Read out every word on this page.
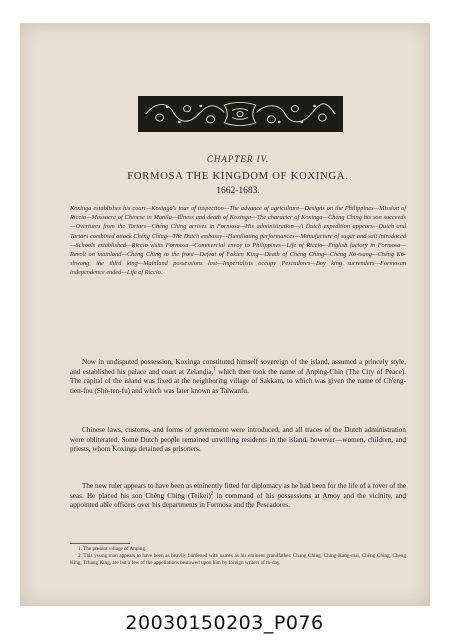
CHAPTER IV.
FORMOSA THE KINGDOM OF KOXINGA.
1662-1683.
Koxinga establishes his court—Koxinga's tour of inspection—The advance of agriculture—Designs on the Philippines—Mission of Riccio—Massacre of Chinese in Manila—Illness and death of Koxinga—The character of Koxinga—Chéng Ching his son succeeds—Overtures from the Tartars—Chéng Ching arrives in Formosa—His administration—A Dutch expedition appears—Dutch and Tartars combined attack Chéng Ching—The Dutch embassy—Humiliating performances—Manufacture of sugar and salt introduced—Schools established—Riccio visits Formosa—Commercial envoy to Philippines—Life of Riccio—English factory in Formosa—Revolt on mainland—Chéng Ching to the front—Defeat of Fokien King—Death of Chéng Ching—Chéng Ko-tsang—Chéng Ko-shwang, the third king—Mainland possessions lost—Imperialists occupy Pescadores—Boy king surrenders—Formosan independence ended—Life of Riccio.

Now in undisputed possession, Koxinga constituted himself sovereign of the island, assumed a princely style, and established his palace and court at Zelandia,$^1$ which then took the name of Anping-Chin (The City of Peace). The capital of the island was fixed at the neighboring village of Sakkam, to which was given the name of Ch'eng-tien-fou (Shö-ten-fu) and which was later known as Taiwanfu.

Chinese laws, customs, and forms of government were introduced, and all traces of the Dutch administration were obliterated. Some Dutch people remained unwilling residents in the island, however—women, children, and priests, whom Koxinga detained as prisoners.

The new ruler appears to have been as eminently fitted for diplomacy as he had been for the life of a rover of the seas. He placed his son Chêng Ching (Teikei)$^2$ in command of his possessions at Amoy and the vicinity, and appointed able officers over his departments in Formosa and the Pescadores.

1. The present village of Anping.
2. This young man appears to have been as heavily burdened with names as his eminent grandfather. Chang Ching, Ching-Kang-mai, Chêng Ching, Cheng King, Tchang King, are but a few of the appellations bestowed upon him by foreign writers of to-day.
20030150203_P076
